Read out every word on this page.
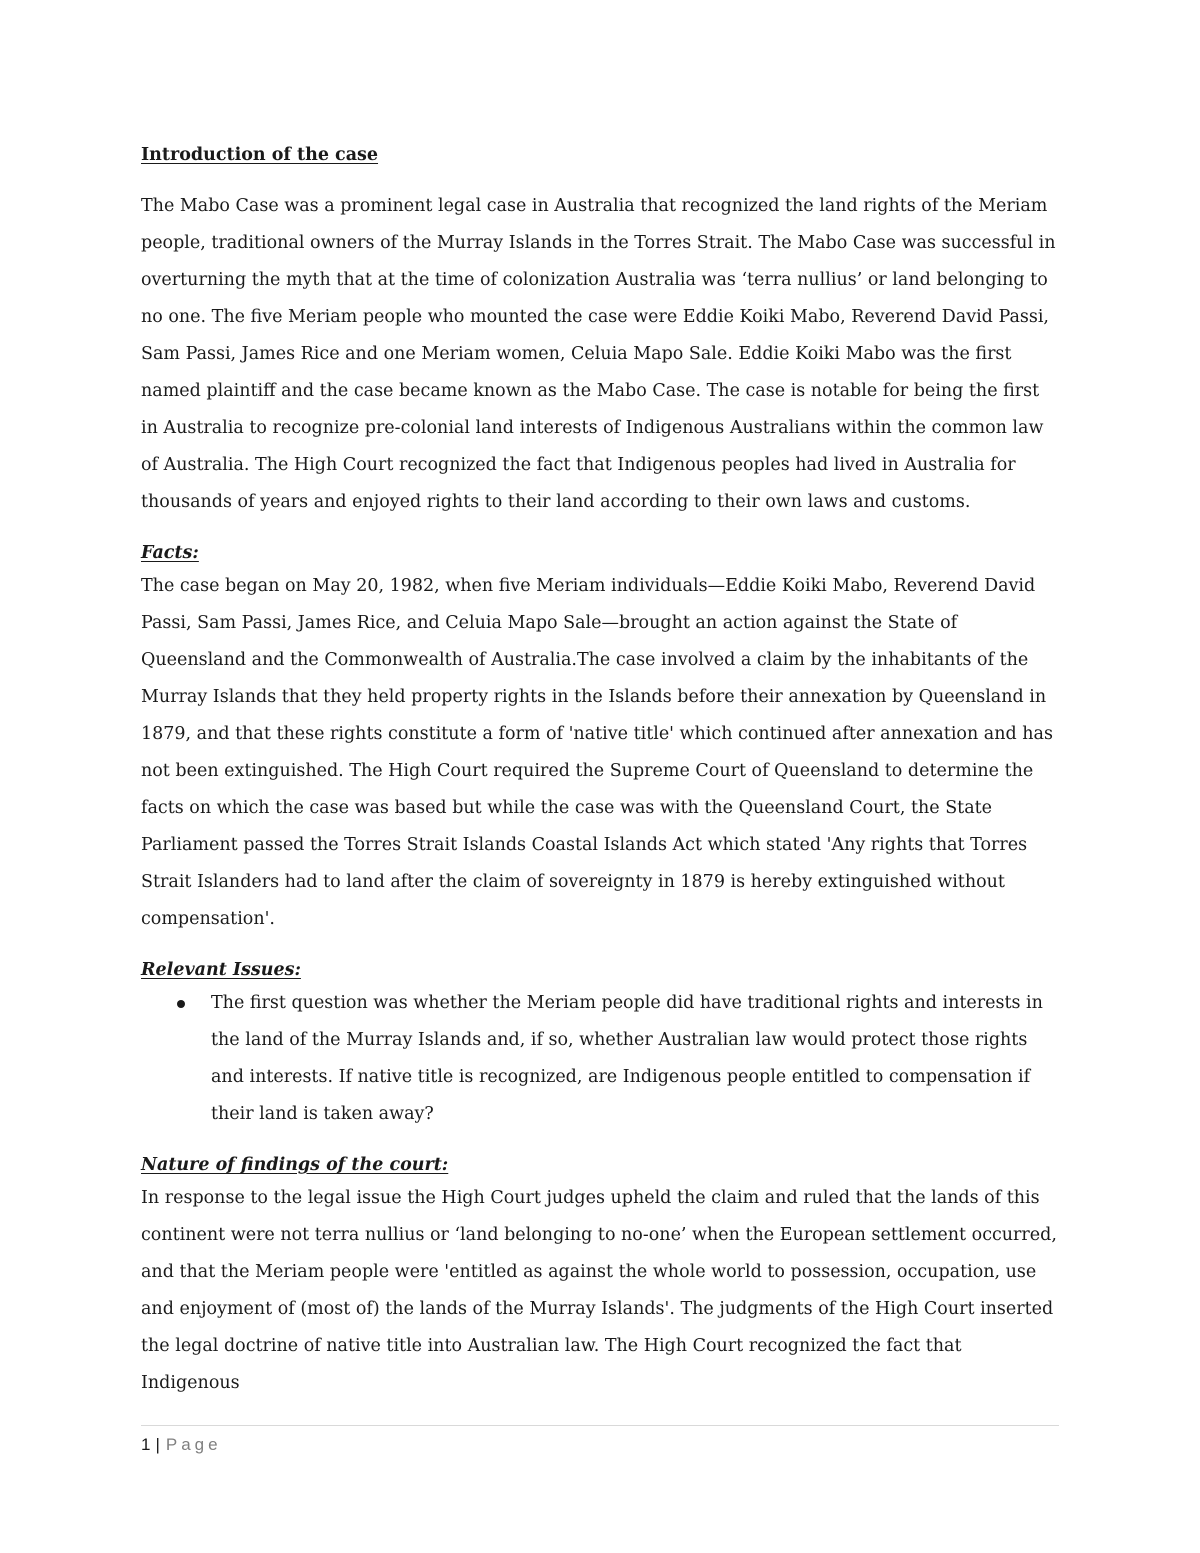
Introduction of the case

The Mabo Case was a prominent legal case in Australia that recognized the land rights of the Meriam people, traditional owners of the Murray Islands in the Torres Strait. The Mabo Case was successful in overturning the myth that at the time of colonization Australia was ‘terra nullius’ or land belonging to no one. The five Meriam people who mounted the case were Eddie Koiki Mabo, Reverend David Passi, Sam Passi, James Rice and one Meriam women, Celuia Mapo Sale. Eddie Koiki Mabo was the first named plaintiff and the case became known as the Mabo Case. The case is notable for being the first in Australia to recognize pre-colonial land interests of Indigenous Australians within the common law of Australia. The High Court recognized the fact that Indigenous peoples had lived in Australia for thousands of years and enjoyed rights to their land according to their own laws and customs.

Facts:

The case began on May 20, 1982, when five Meriam individuals—Eddie Koiki Mabo, Reverend David Passi, Sam Passi, James Rice, and Celuia Mapo Sale—brought an action against the State of Queensland and the Commonwealth of Australia.The case involved a claim by the inhabitants of the Murray Islands that they held property rights in the Islands before their annexation by Queensland in 1879, and that these rights constitute a form of 'native title' which continued after annexation and has not been extinguished. The High Court required the Supreme Court of Queensland to determine the facts on which the case was based but while the case was with the Queensland Court, the State Parliament passed the Torres Strait Islands Coastal Islands Act which stated 'Any rights that Torres Strait Islanders had to land after the claim of sovereignty in 1879 is hereby extinguished without compensation'.

Relevant Issues:

The first question was whether the Meriam people did have traditional rights and interests in the land of the Murray Islands and, if so, whether Australian law would protect those rights and interests. If native title is recognized, are Indigenous people entitled to compensation if their land is taken away?

Nature of findings of the court:

In response to the legal issue the High Court judges upheld the claim and ruled that the lands of this continent were not terra nullius or ‘land belonging to no-one’ when the European settlement occurred, and that the Meriam people were 'entitled as against the whole world to possession, occupation, use and enjoyment of (most of) the lands of the Murray Islands'. The judgments of the High Court inserted the legal doctrine of native title into Australian law. The High Court recognized the fact that Indigenous

1 | Page
